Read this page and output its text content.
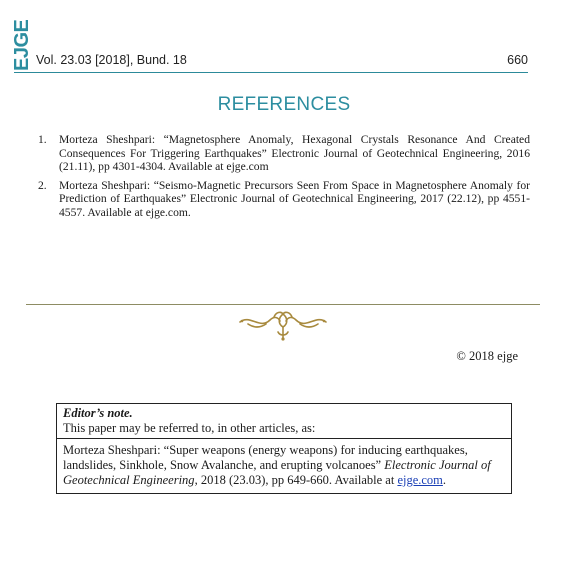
EJGE Vol. 23.03 [2018], Bund. 18	660
REFERENCES
1. Morteza Sheshpari: “Magnetosphere Anomaly, Hexagonal Crystals Resonance And Created Consequences For Triggering Earthquakes” Electronic Journal of Geotechnical Engineering, 2016 (21.11), pp 4301-4304. Available at ejge.com
2. Morteza Sheshpari: “Seismo-Magnetic Precursors Seen From Space in Magnetosphere Anomaly for Prediction of Earthquakes” Electronic Journal of Geotechnical Engineering, 2017 (22.12), pp 4551-4557. Available at ejge.com.
© 2018 ejge
Editor’s note.
This paper may be referred to, in other articles, as:
Morteza Sheshpari: “Super weapons (energy weapons) for inducing earthquakes, landslides, Sinkhole, Snow Avalanche, and erupting volcanoes” Electronic Journal of Geotechnical Engineering, 2018 (23.03), pp 649-660. Available at ejge.com.
